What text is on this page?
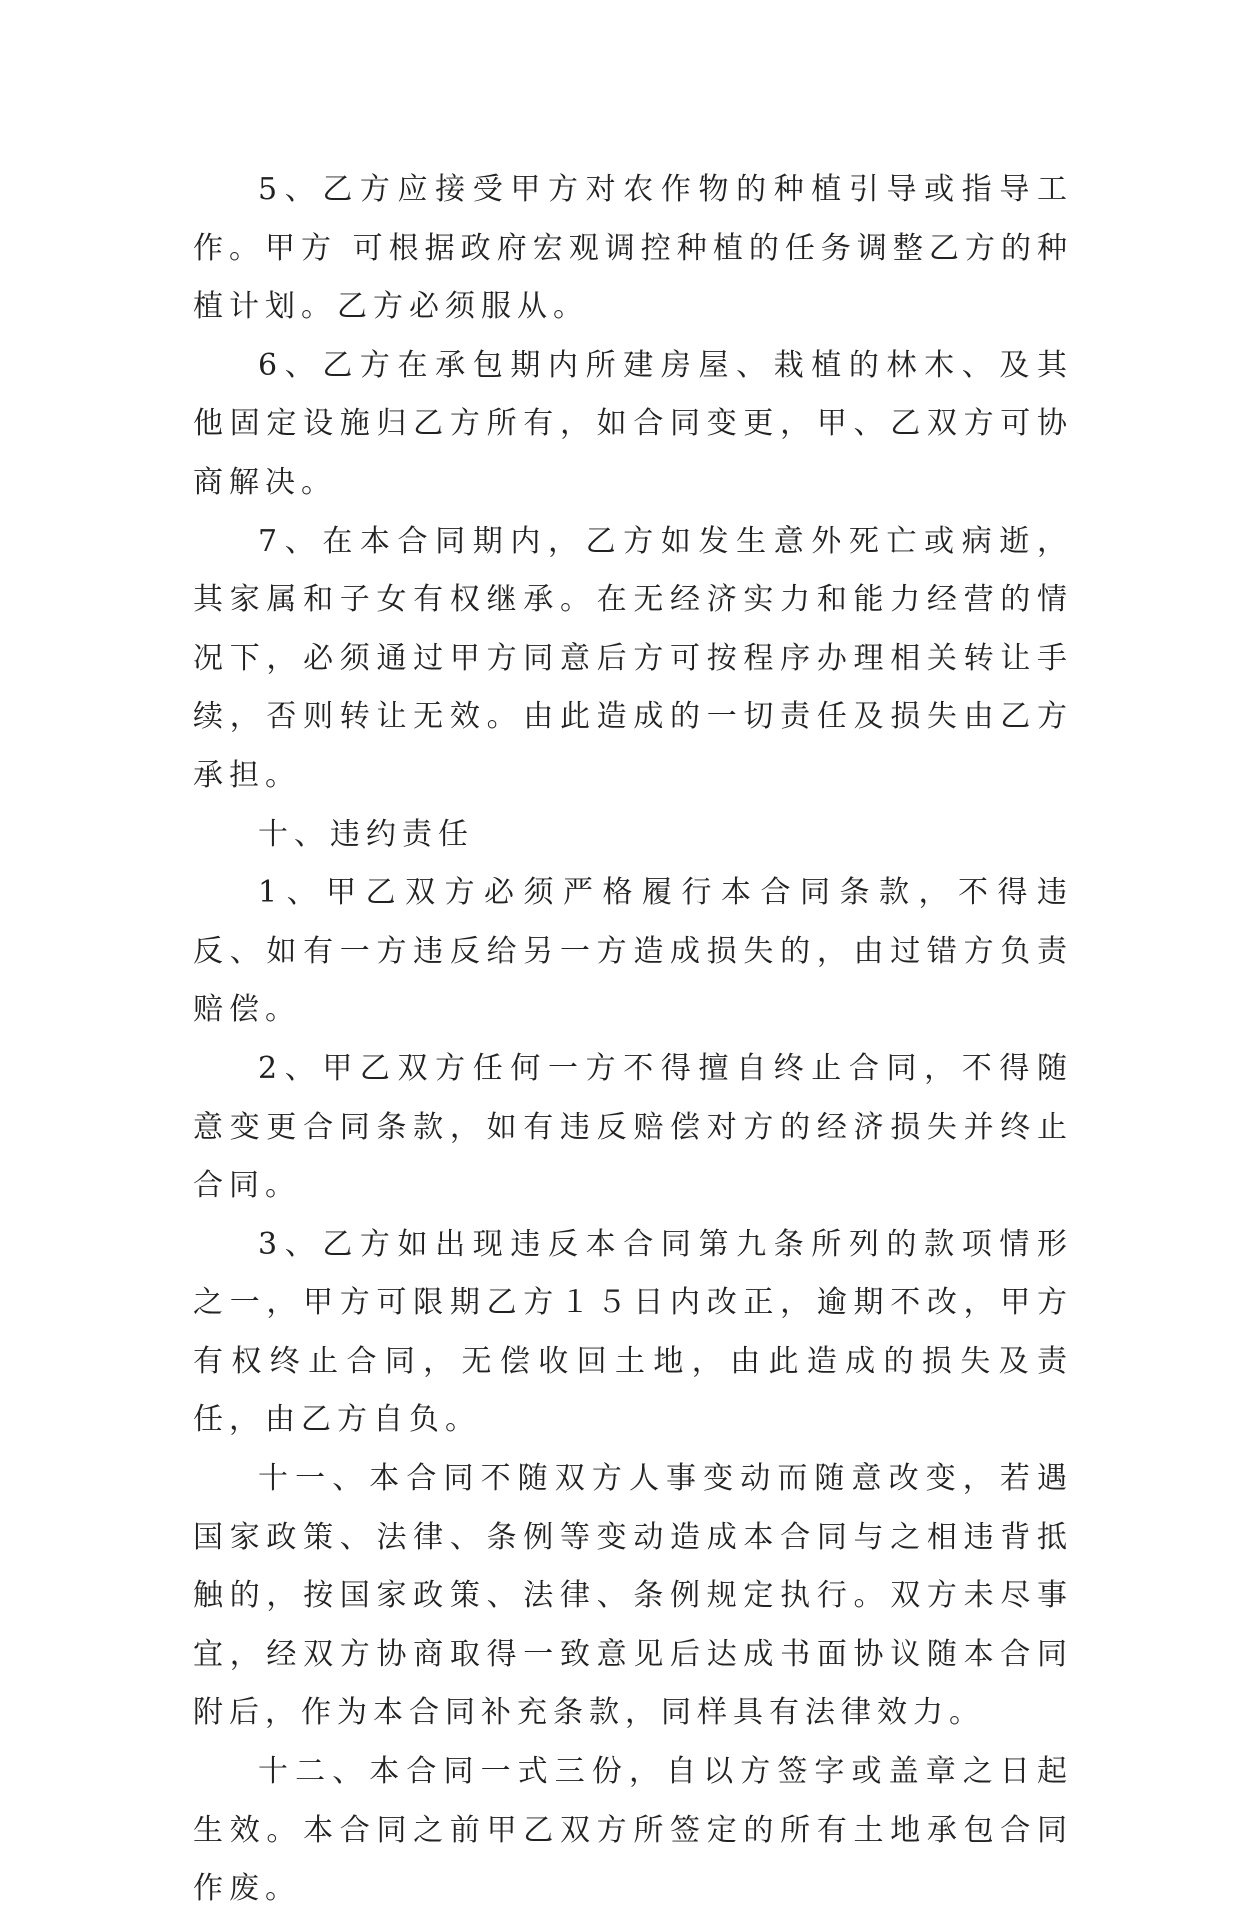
5、乙方应接受甲方对农作物的种植引导或指导工作。甲方 可根据政府宏观调控种植的任务调整乙方的种植计划。乙方必须服从。

6、乙方在承包期内所建房屋、栽植的林木、及其他固定设施归乙方所有，如合同变更，甲、乙双方可协商解决。

7、在本合同期内，乙方如发生意外死亡或病逝，其家属和子女有权继承。在无经济实力和能力经营的情况下，必须通过甲方同意后方可按程序办理相关转让手续，否则转让无效。由此造成的一切责任及损失由乙方承担。

十、违约责任

1、甲乙双方必须严格履行本合同条款，不得违反、如有一方违反给另一方造成损失的，由过错方负责赔偿。

2、甲乙双方任何一方不得擅自终止合同，不得随意变更合同条款，如有违反赔偿对方的经济损失并终止合同。

3、乙方如出现违反本合同第九条所列的款项情形之一，甲方可限期乙方１５日内改正，逾期不改，甲方有权终止合同，无偿收回土地，由此造成的损失及责任，由乙方自负。

十一、本合同不随双方人事变动而随意改变，若遇国家政策、法律、条例等变动造成本合同与之相违背抵触的，按国家政策、法律、条例规定执行。双方未尽事宜，经双方协商取得一致意见后达成书面协议随本合同附后，作为本合同补充条款，同样具有法律效力。

十二、本合同一式三份，自以方签字或盖章之日起生效。本合同之前甲乙双方所签定的所有土地承包合同作废。
